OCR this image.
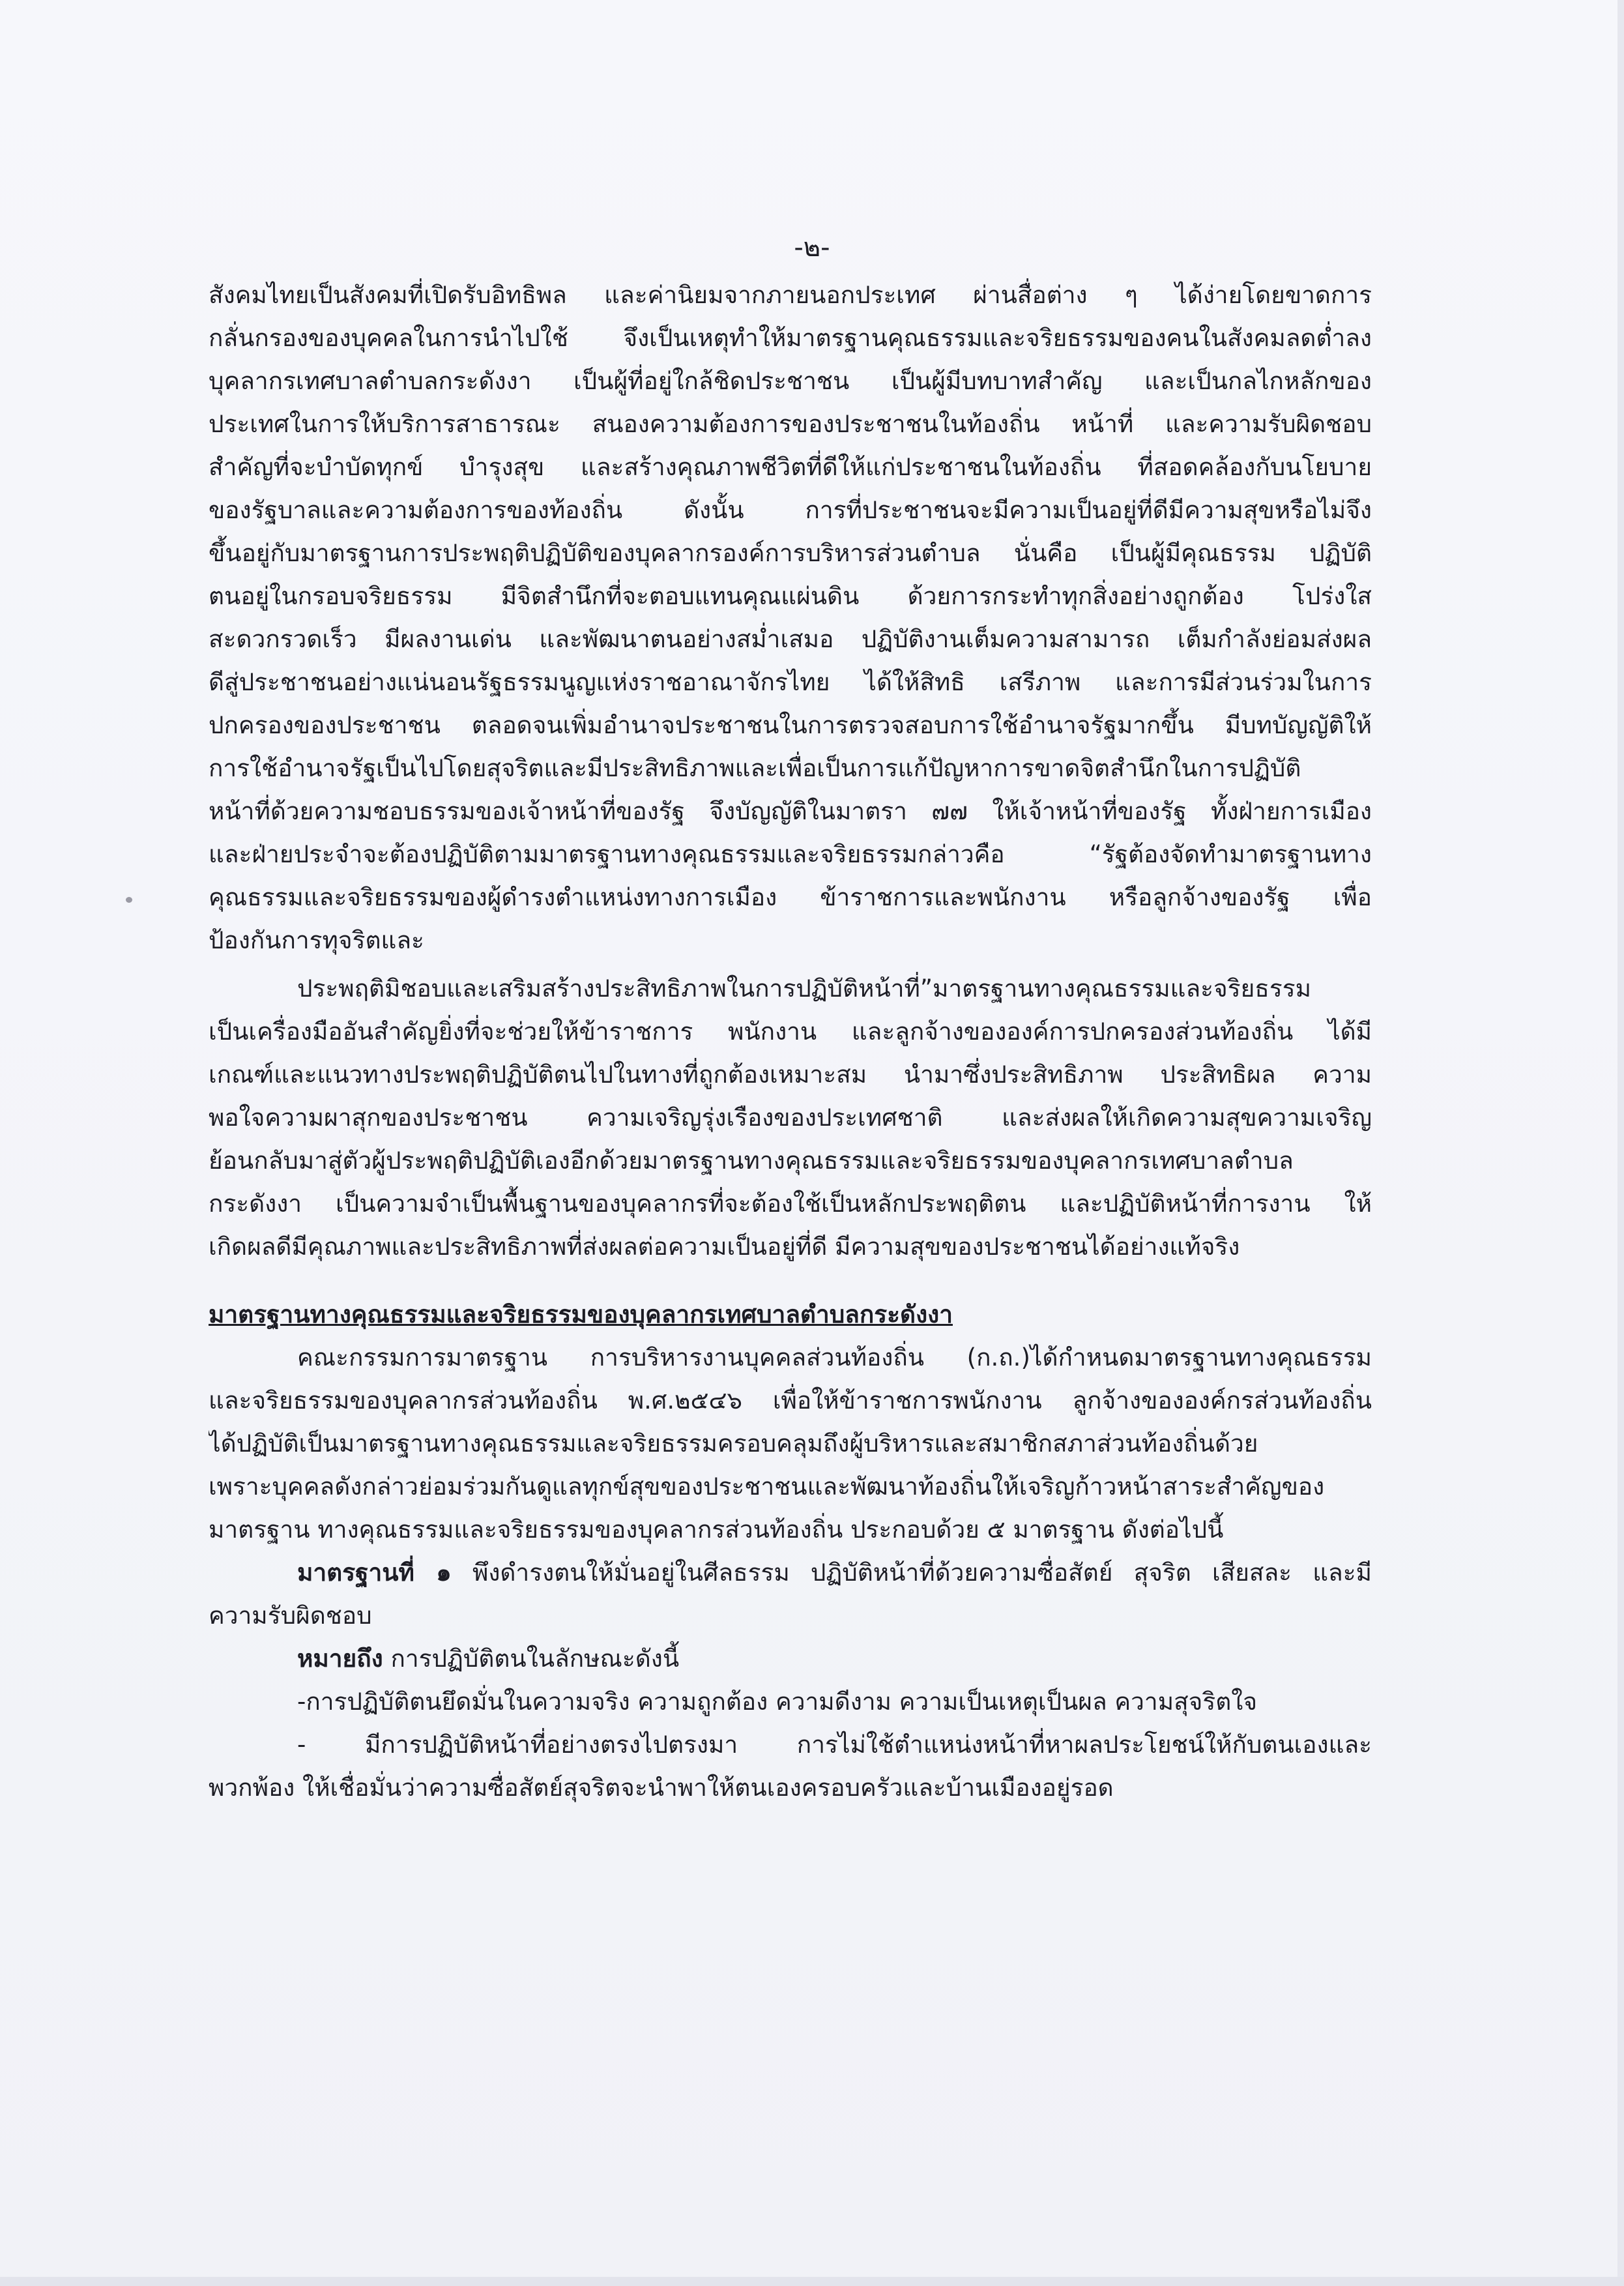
-๒-
สังคมไทยเป็นสังคมที่เปิดรับอิทธิพล และค่านิยมจากภายนอกประเทศ ผ่านสื่อต่าง ๆ ได้ง่ายโดยขาดการ
กลั่นกรองของบุคคลในการนำไปใช้ จึงเป็นเหตุทำให้มาตรฐานคุณธรรมและจริยธรรมของคนในสังคมลดต่ำลง
บุคลากรเทศบาลตำบลกระดังงา เป็นผู้ที่อยู่ใกล้ชิดประชาชน เป็นผู้มีบทบาทสำคัญ และเป็นกลไกหลักของ
ประเทศในการให้บริการสาธารณะ สนองความต้องการของประชาชนในท้องถิ่น หน้าที่ และความรับผิดชอบ
สำคัญที่จะบำบัดทุกข์ บำรุงสุข และสร้างคุณภาพชีวิตที่ดีให้แก่ประชาชนในท้องถิ่น ที่สอดคล้องกับนโยบาย
ของรัฐบาลและความต้องการของท้องถิ่น ดังนั้น การที่ประชาชนจะมีความเป็นอยู่ที่ดีมีความสุขหรือไม่จึง
ขึ้นอยู่กับมาตรฐานการประพฤติปฏิบัติของบุคลากรองค์การบริหารส่วนตำบล นั่นคือ เป็นผู้มีคุณธรรม ปฏิบัติ
ตนอยู่ในกรอบจริยธรรม มีจิตสำนึกที่จะตอบแทนคุณแผ่นดิน ด้วยการกระทำทุกสิ่งอย่างถูกต้อง โปร่งใส
สะดวกรวดเร็ว มีผลงานเด่น และพัฒนาตนอย่างสม่ำเสมอ ปฏิบัติงานเต็มความสามารถ เต็มกำลังย่อมส่งผล
ดีสู่ประชาชนอย่างแน่นอนรัฐธรรมนูญแห่งราชอาณาจักรไทย ได้ให้สิทธิ เสรีภาพ และการมีส่วนร่วมในการ
ปกครองของประชาชน ตลอดจนเพิ่มอำนาจประชาชนในการตรวจสอบการใช้อำนาจรัฐมากขึ้น มีบทบัญญัติให้
การใช้อำนาจรัฐเป็นไปโดยสุจริตและมีประสิทธิภาพและเพื่อเป็นการแก้ปัญหาการขาดจิตสำนึกในการปฏิบัติ
หน้าที่ด้วยความชอบธรรมของเจ้าหน้าที่ของรัฐ จึงบัญญัติในมาตรา ๗๗ ให้เจ้าหน้าที่ของรัฐ ทั้งฝ่ายการเมือง
และฝ่ายประจำจะต้องปฏิบัติตามมาตรฐานทางคุณธรรมและจริยธรรมกล่าวคือ “รัฐต้องจัดทำมาตรฐานทาง
คุณธรรมและจริยธรรมของผู้ดำรงตำแหน่งทางการเมือง ข้าราชการและพนักงาน หรือลูกจ้างของรัฐ เพื่อ
ป้องกันการทุจริตและ
ประพฤติมิชอบและเสริมสร้างประสิทธิภาพในการปฏิบัติหน้าที่”มาตรฐานทางคุณธรรมและจริยธรรม
เป็นเครื่องมืออันสำคัญยิ่งที่จะช่วยให้ข้าราชการ พนักงาน และลูกจ้างขององค์การปกครองส่วนท้องถิ่น ได้มี
เกณฑ์และแนวทางประพฤติปฏิบัติตนไปในทางที่ถูกต้องเหมาะสม นำมาซึ่งประสิทธิภาพ ประสิทธิผล ความ
พอใจความผาสุกของประชาชน ความเจริญรุ่งเรืองของประเทศชาติ และส่งผลให้เกิดความสุขความเจริญ
ย้อนกลับมาสู่ตัวผู้ประพฤติปฏิบัติเองอีกด้วยมาตรฐานทางคุณธรรมและจริยธรรมของบุคลากรเทศบาลตำบล
กระดังงา เป็นความจำเป็นพื้นฐานของบุคลากรที่จะต้องใช้เป็นหลักประพฤติตน และปฏิบัติหน้าที่การงาน ให้
เกิดผลดีมีคุณภาพและประสิทธิภาพที่ส่งผลต่อความเป็นอยู่ที่ดี มีความสุขของประชาชนได้อย่างแท้จริง
มาตรฐานทางคุณธรรมและจริยธรรมของบุคลากรเทศบาลตำบลกระดังงา
คณะกรรมการมาตรฐาน การบริหารงานบุคคลส่วนท้องถิ่น (ก.ถ.)ได้กำหนดมาตรฐานทางคุณธรรม
และจริยธรรมของบุคลากรส่วนท้องถิ่น พ.ศ.๒๕๔๖ เพื่อให้ข้าราชการพนักงาน ลูกจ้างขององค์กรส่วนท้องถิ่น
ได้ปฏิบัติเป็นมาตรฐานทางคุณธรรมและจริยธรรมครอบคลุมถึงผู้บริหารและสมาชิกสภาส่วนท้องถิ่นด้วย
เพราะบุคคลดังกล่าวย่อมร่วมกันดูแลทุกข์สุขของประชาชนและพัฒนาท้องถิ่นให้เจริญก้าวหน้าสาระสำคัญของ
มาตรฐาน ทางคุณธรรมและจริยธรรมของบุคลากรส่วนท้องถิ่น ประกอบด้วย ๕ มาตรฐาน ดังต่อไปนี้
มาตรฐานที่ ๑ พึงดำรงตนให้มั่นอยู่ในศีลธรรม ปฏิบัติหน้าที่ด้วยความซื่อสัตย์ สุจริต เสียสละ และมี
ความรับผิดชอบ
หมายถึง การปฏิบัติตนในลักษณะดังนี้
-การปฏิบัติตนยึดมั่นในความจริง ความถูกต้อง ความดีงาม ความเป็นเหตุเป็นผล ความสุจริตใจ
- มีการปฏิบัติหน้าที่อย่างตรงไปตรงมา การไม่ใช้ตำแหน่งหน้าที่หาผลประโยชน์ให้กับตนเองและ
พวกพ้อง ให้เชื่อมั่นว่าความซื่อสัตย์สุจริตจะนำพาให้ตนเองครอบครัวและบ้านเมืองอยู่รอด
